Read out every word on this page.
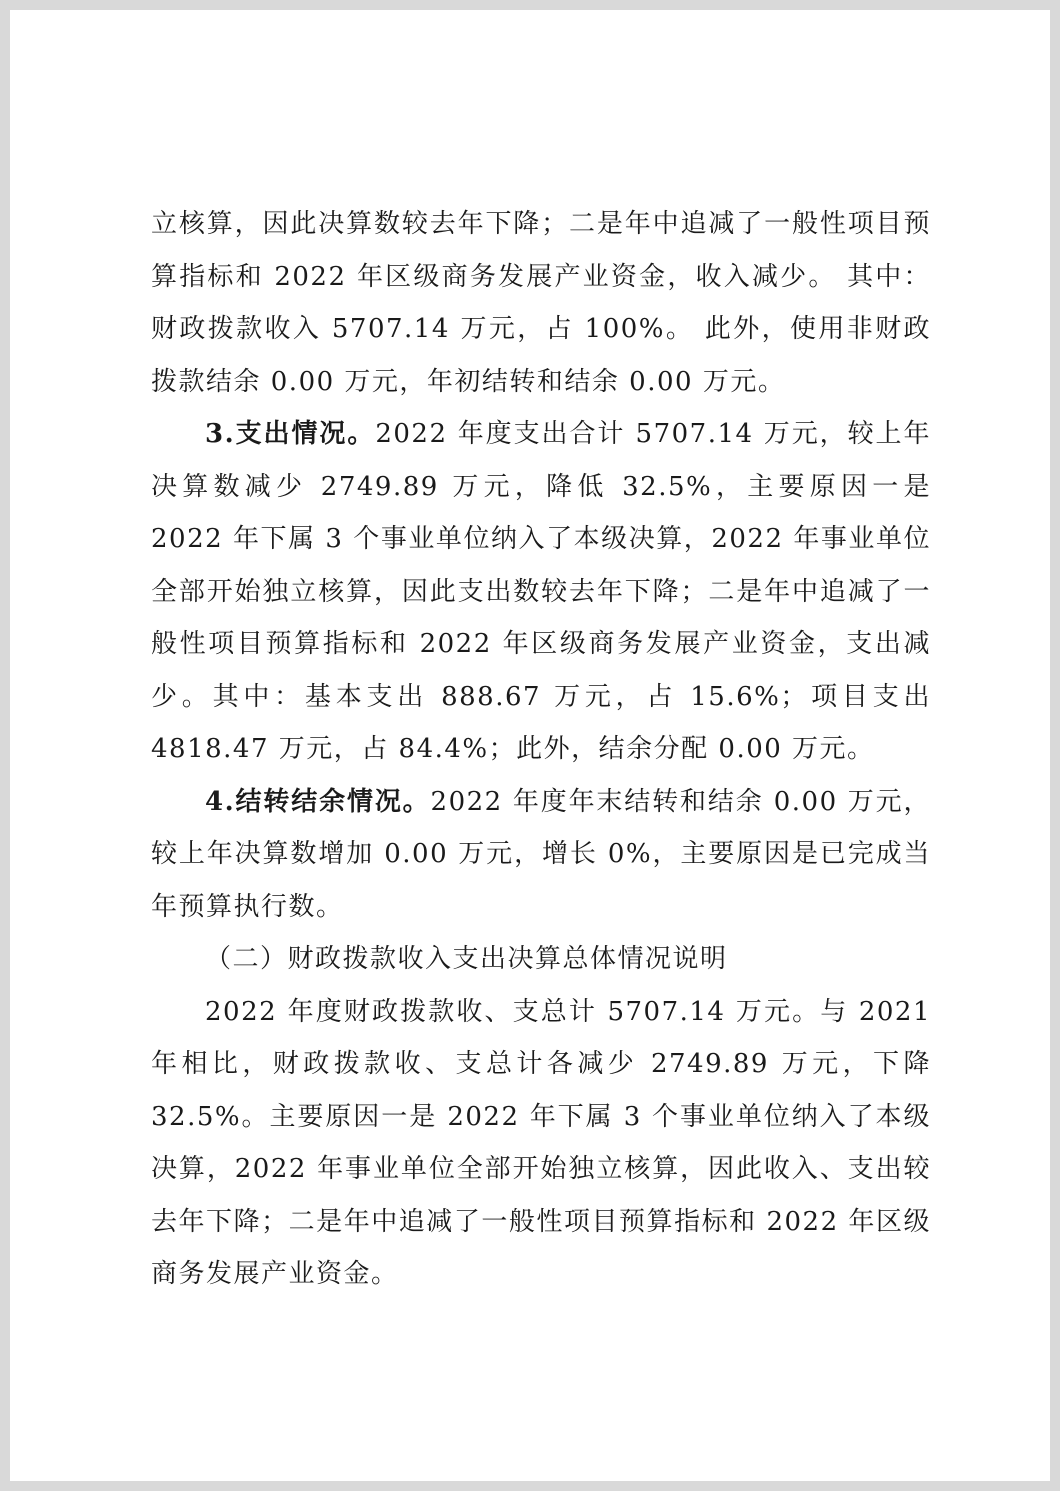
立核算，因此决算数较去年下降；二是年中追减了一般性项目预算指标和 2022 年区级商务发展产业资金，收入减少。 其中：财政拨款收入 5707.14 万元，占 100%。 此外，使用非财政拨款结余 0.00 万元，年初结转和结余 0.00 万元。

3.支出情况。2022 年度支出合计 5707.14 万元，较上年决算数减少 2749.89 万元，降低 32.5%，主要原因一是 2022 年下属 3 个事业单位纳入了本级决算，2022 年事业单位全部开始独立核算，因此支出数较去年下降；二是年中追减了一般性项目预算指标和 2022 年区级商务发展产业资金，支出减少。其中：基本支出 888.67 万元，占 15.6%；项目支出 4818.47 万元，占 84.4%；此外，结余分配 0.00 万元。

4.结转结余情况。2022 年度年末结转和结余 0.00 万元，较上年决算数增加 0.00 万元，增长 0%，主要原因是已完成当年预算执行数。

（二）财政拨款收入支出决算总体情况说明

2022 年度财政拨款收、支总计 5707.14 万元。与 2021 年相比，财政拨款收、支总计各减少 2749.89 万元，下降 32.5%。主要原因一是 2022 年下属 3 个事业单位纳入了本级决算，2022 年事业单位全部开始独立核算，因此收入、支出较去年下降；二是年中追减了一般性项目预算指标和 2022 年区级商务发展产业资金。
